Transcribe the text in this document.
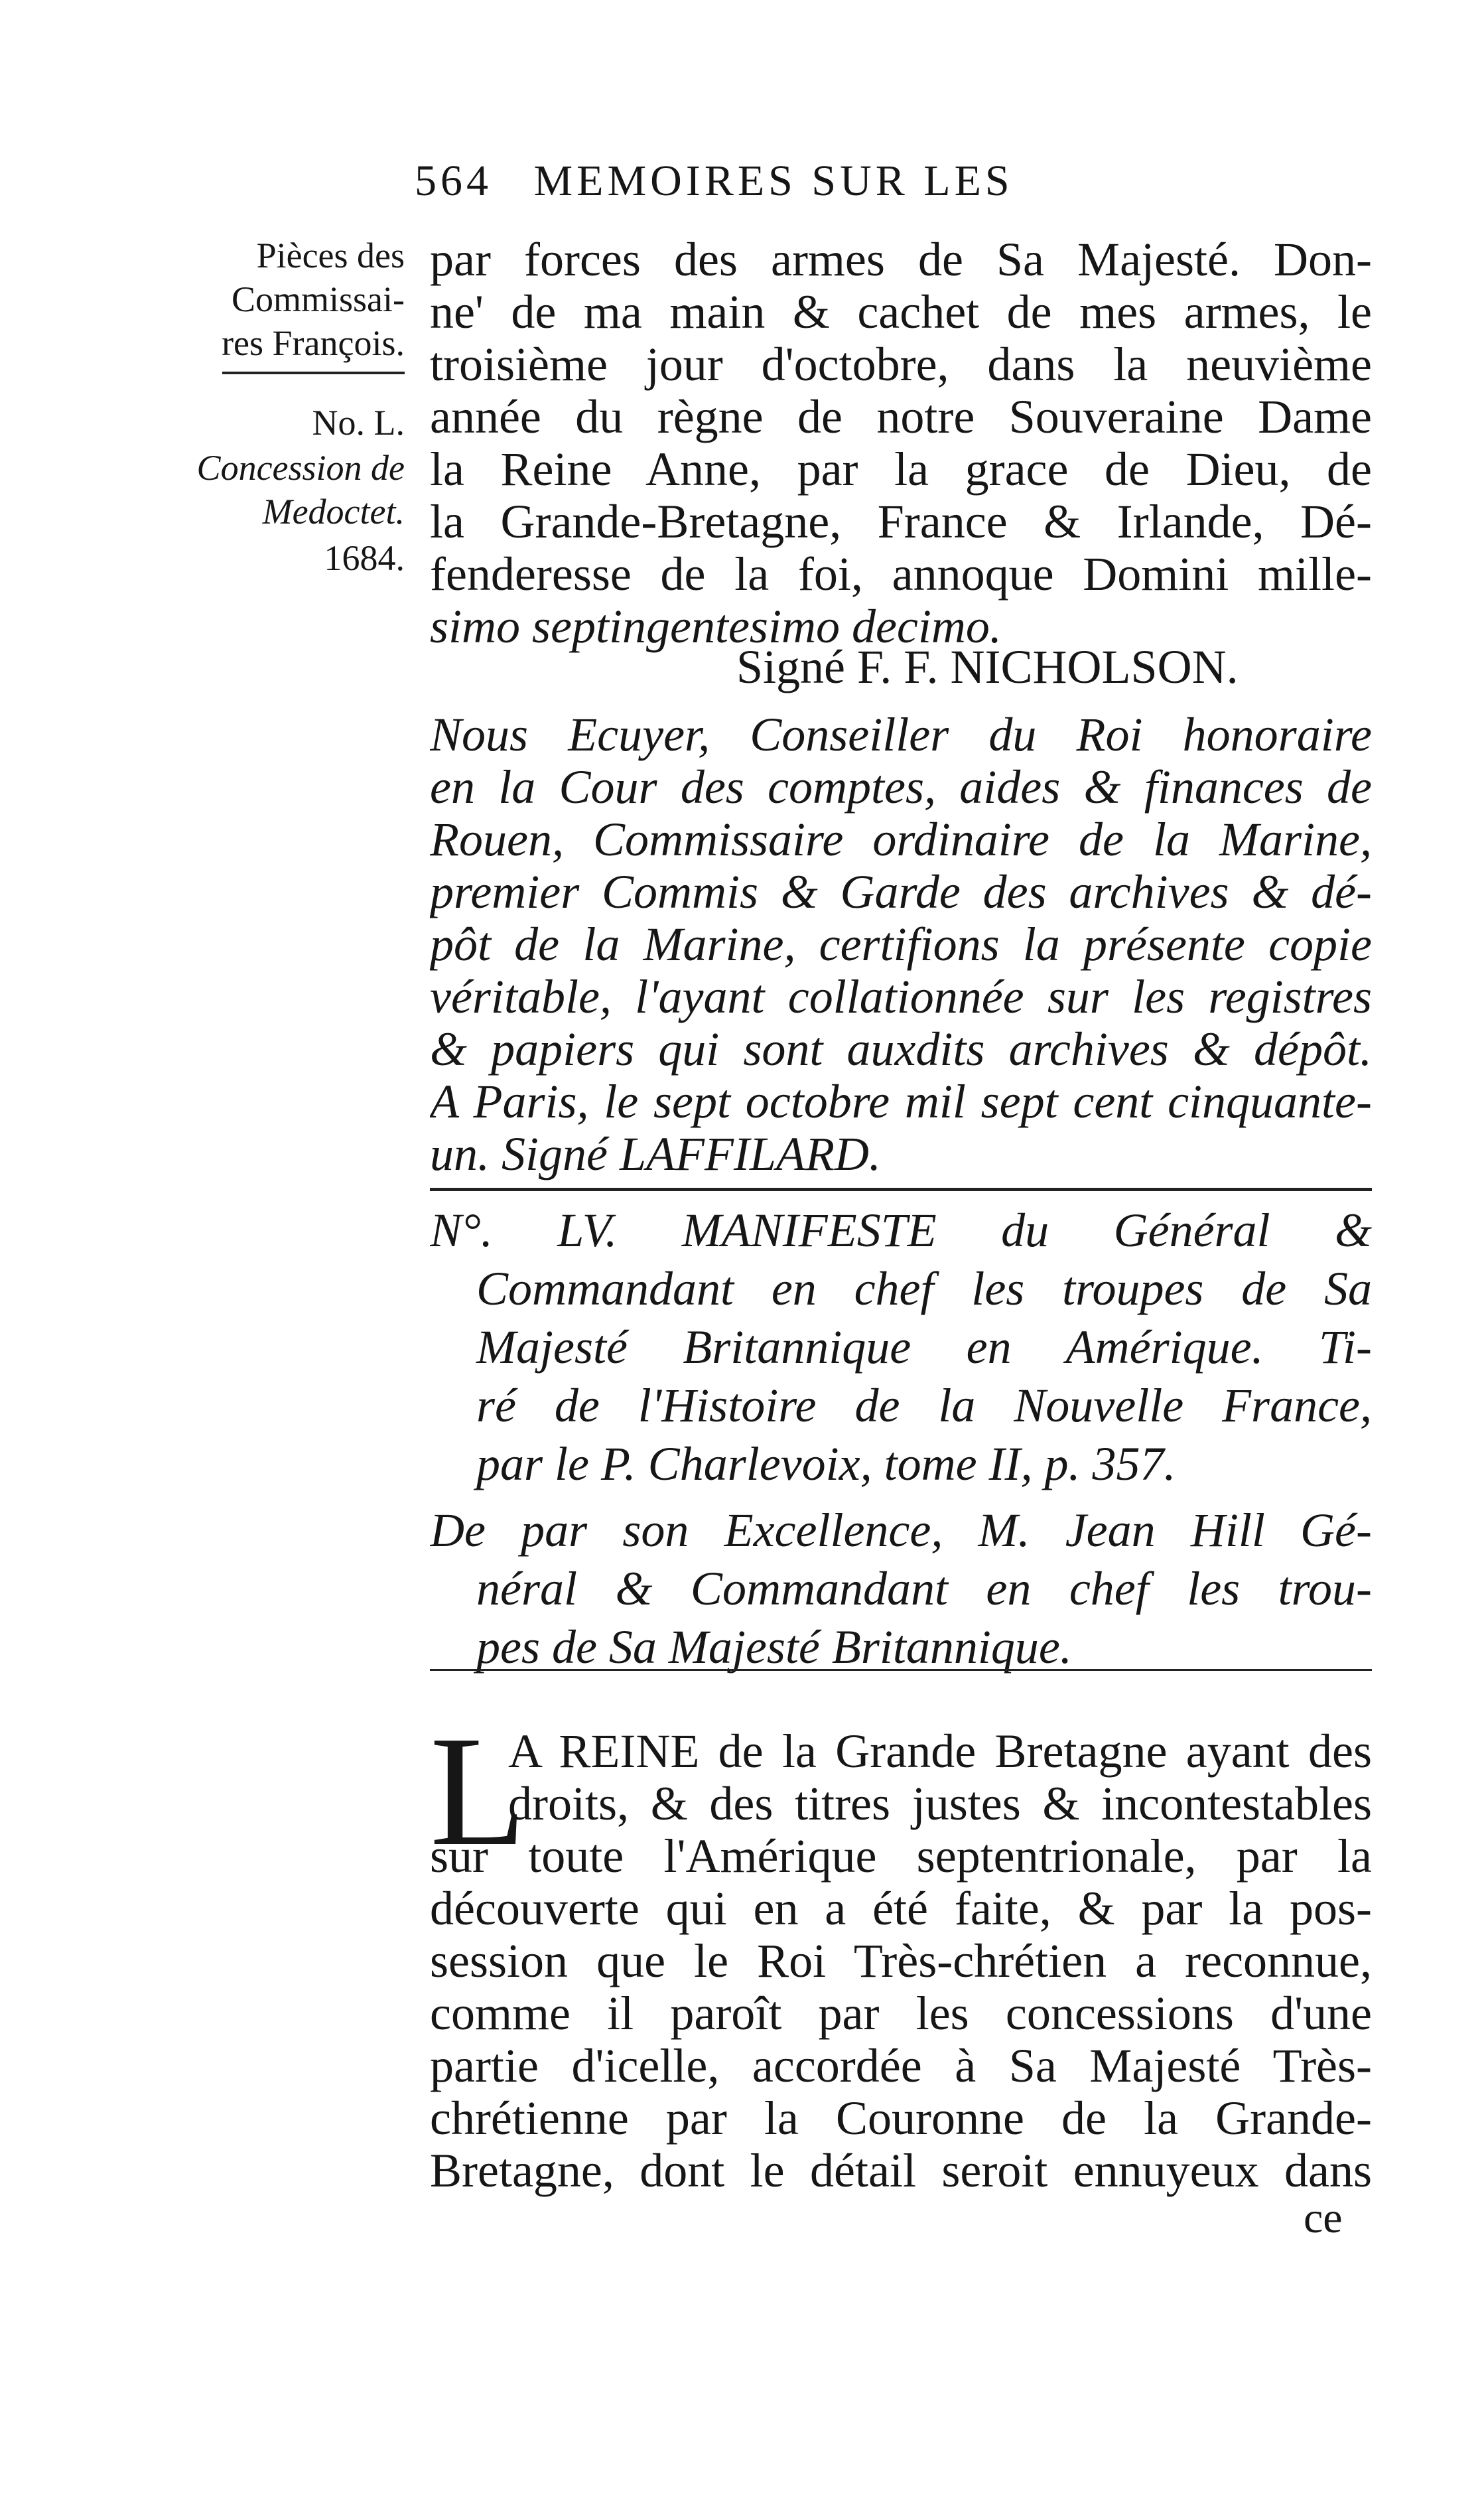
564 MEMOIRES SUR LES
Pièces des
Commissai-
res François.
No. L.
Concession de
Medoctet.
1684.
par forces des armes de Sa Majesté. Don-
ne' de ma main & cachet de mes armes, le
troisième jour d'octobre, dans la neuvième
année du règne de notre Souveraine Dame
la Reine Anne, par la grace de Dieu, de
la Grande-Bretagne, France & Irlande, Dé-
fenderesse de la foi, annoque Domini mille-
simo septingentesimo decimo.
Signé F. F. NICHOLSON.
Nous Ecuyer, Conseiller du Roi honoraire
en la Cour des comptes, aides & finances de
Rouen, Commissaire ordinaire de la Marine,
premier Commis & Garde des archives & dé-
pôt de la Marine, certifions la présente copie
véritable, l'ayant collationnée sur les registres
& papiers qui sont auxdits archives & dépôt.
A Paris, le sept octobre mil sept cent cinquante-
un. Signé LAFFILARD.
N°. LV. MANIFESTE du Général &
Commandant en chef les troupes de Sa
Majesté Britannique en Amérique. Ti-
ré de l'Histoire de la Nouvelle France,
par le P. Charlevoix, tome II, p. 357.
De par son Excellence, M. Jean Hill Gé-
néral & Commandant en chef les trou-
pes de Sa Majesté Britannique.
L
A REINE de la Grande Bretagne ayant des
droits, & des titres justes & incontestables
sur toute l'Amérique septentrionale, par la
découverte qui en a été faite, & par la pos-
session que le Roi Très-chrétien a reconnue,
comme il paroît par les concessions d'une
partie d'icelle, accordée à Sa Majesté Très-
chrétienne par la Couronne de la Grande-
Bretagne, dont le détail seroit ennuyeux dans
ce
